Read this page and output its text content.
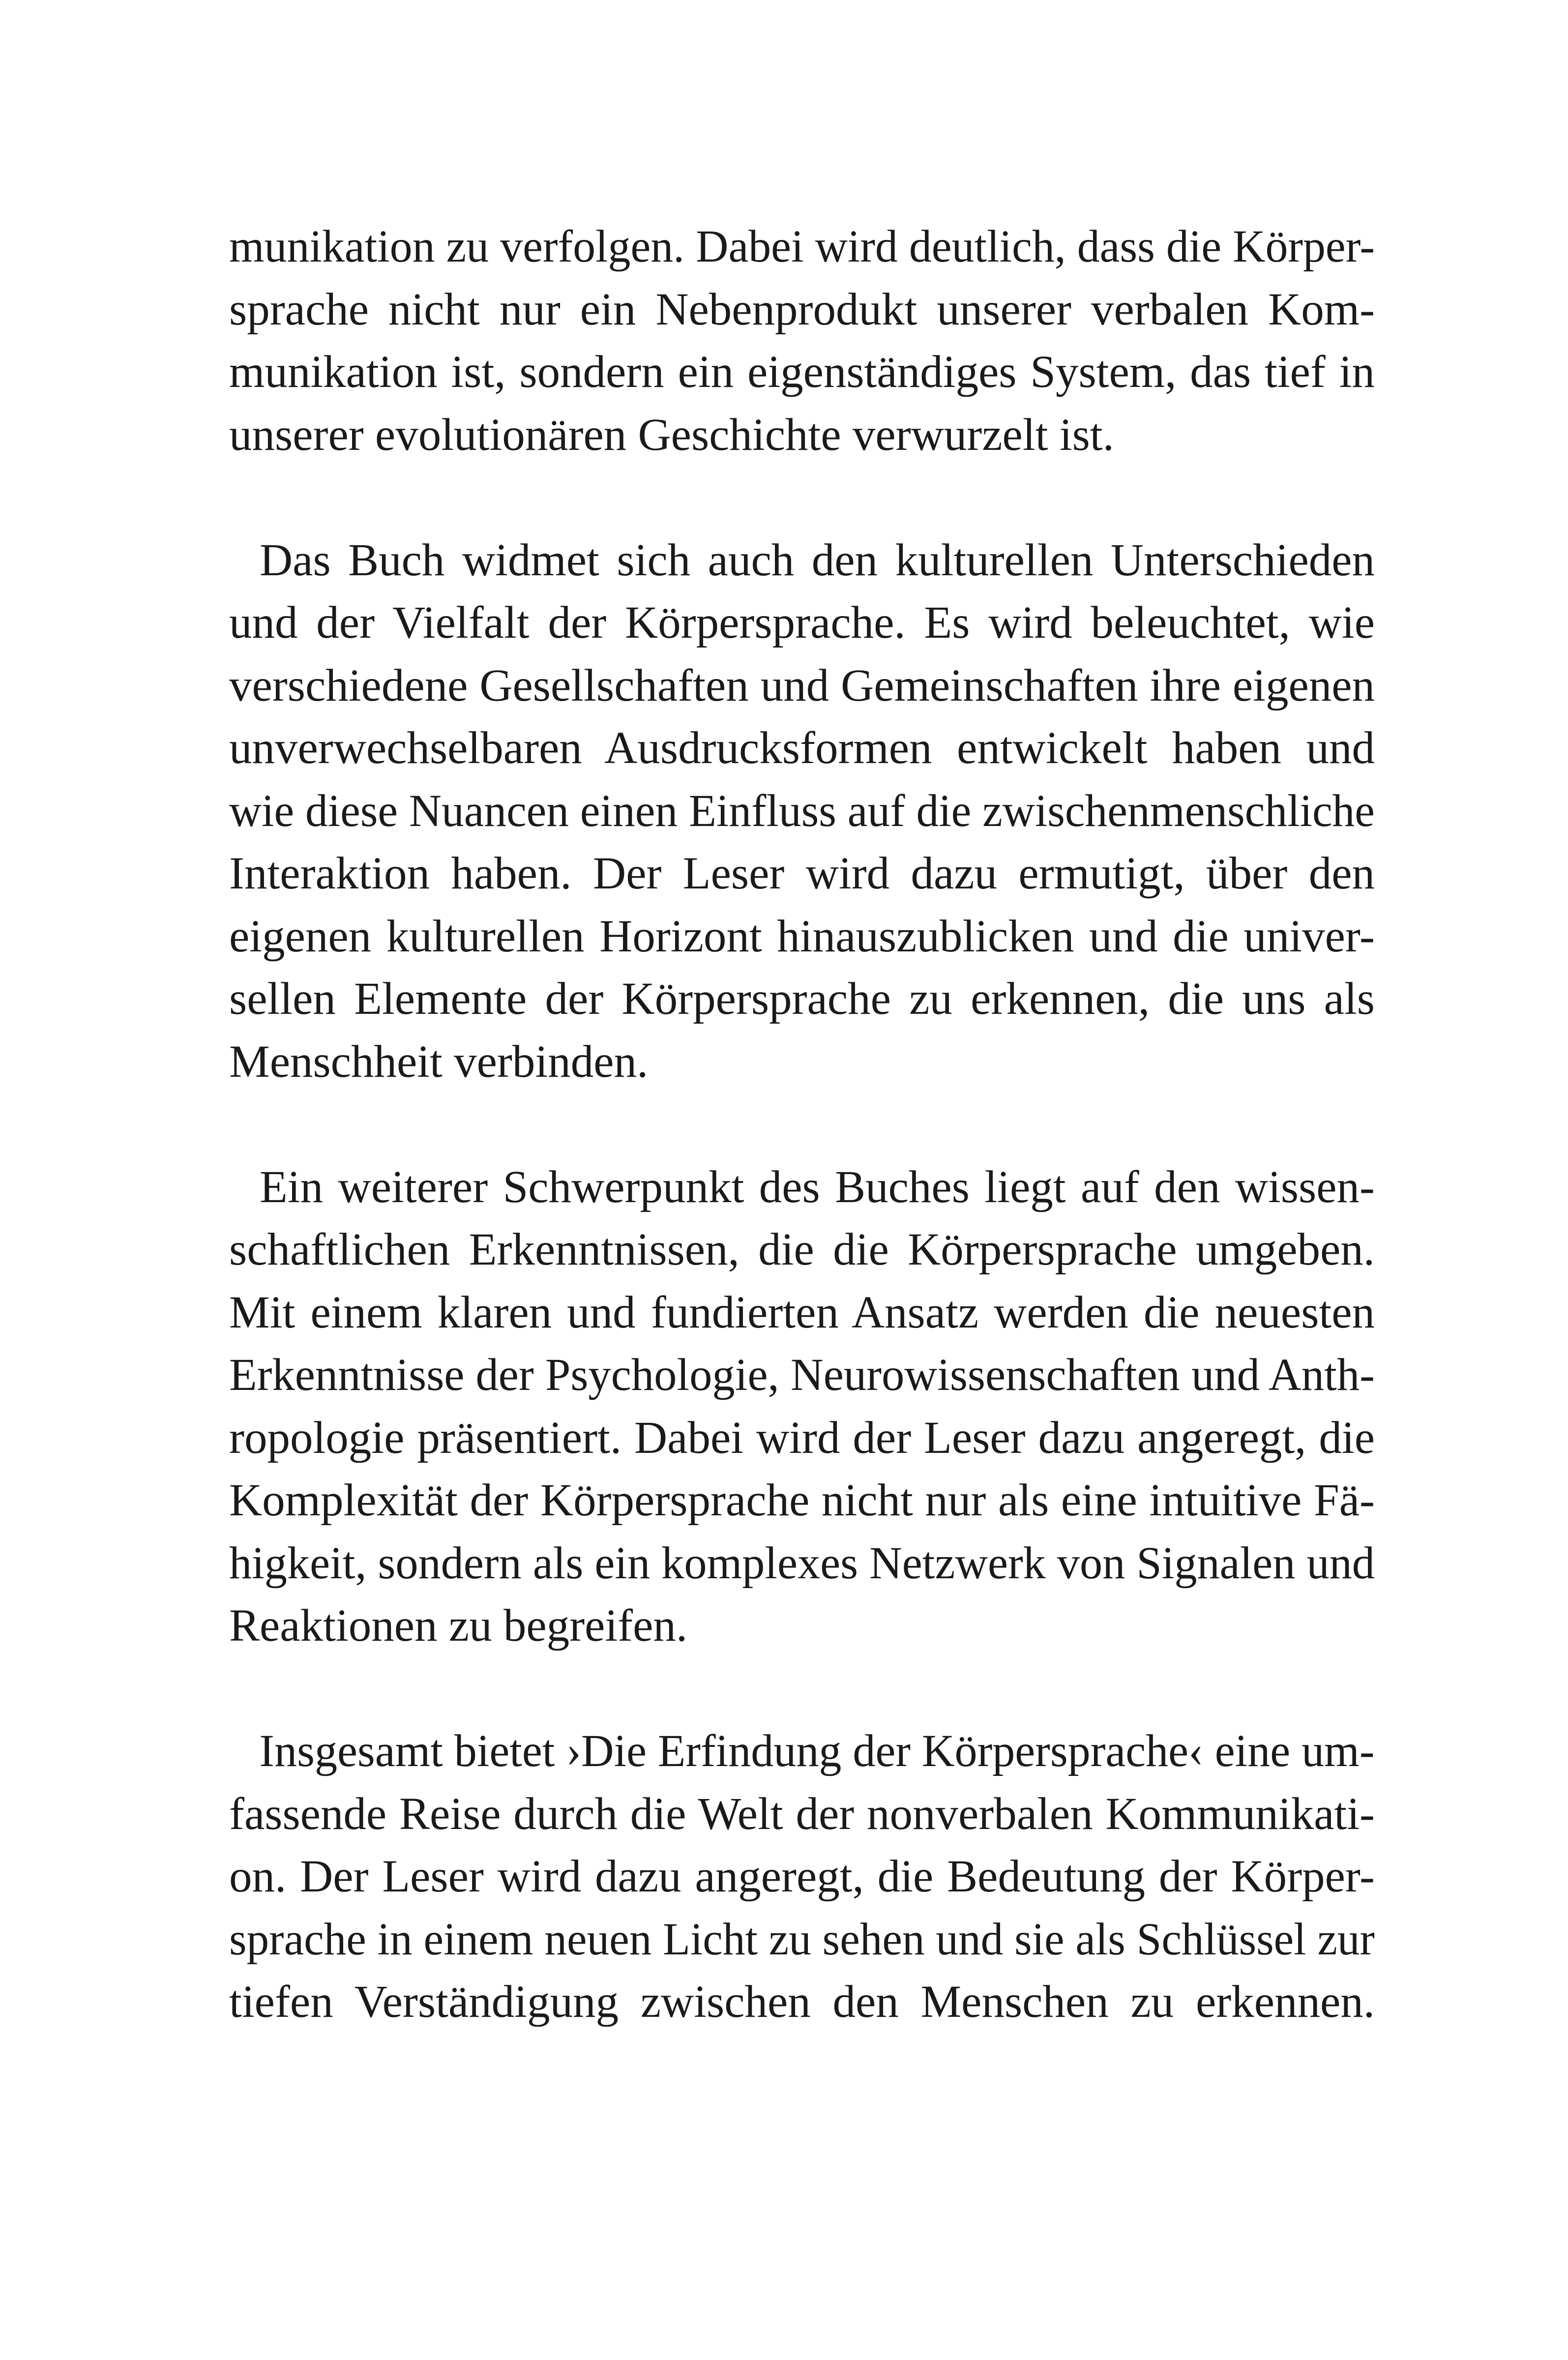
munikation zu verfolgen. Dabei wird deutlich, dass die Körper-
sprache nicht nur ein Nebenprodukt unserer verbalen Kom-
munikation ist, sondern ein eigenständiges System, das tief in
unserer evolutionären Geschichte verwurzelt ist.

Das Buch widmet sich auch den kulturellen Unterschieden
und der Vielfalt der Körpersprache. Es wird beleuchtet, wie
verschiedene Gesellschaften und Gemeinschaften ihre eigenen
unverwechselbaren Ausdrucksformen entwickelt haben und
wie diese Nuancen einen Einfluss auf die zwischenmenschliche
Interaktion haben. Der Leser wird dazu ermutigt, über den
eigenen kulturellen Horizont hinauszublicken und die univer-
sellen Elemente der Körpersprache zu erkennen, die uns als
Menschheit verbinden.

Ein weiterer Schwerpunkt des Buches liegt auf den wissen-
schaftlichen Erkenntnissen, die die Körpersprache umgeben.
Mit einem klaren und fundierten Ansatz werden die neuesten
Erkenntnisse der Psychologie, Neurowissenschaften und Anth-
ropologie präsentiert. Dabei wird der Leser dazu angeregt, die
Komplexität der Körpersprache nicht nur als eine intuitive Fä-
higkeit, sondern als ein komplexes Netzwerk von Signalen und
Reaktionen zu begreifen.

Insgesamt bietet ›Die Erfindung der Körpersprache‹ eine um-
fassende Reise durch die Welt der nonverbalen Kommunikati-
on. Der Leser wird dazu angeregt, die Bedeutung der Körper-
sprache in einem neuen Licht zu sehen und sie als Schlüssel zur
tiefen Verständigung zwischen den Menschen zu erkennen.
